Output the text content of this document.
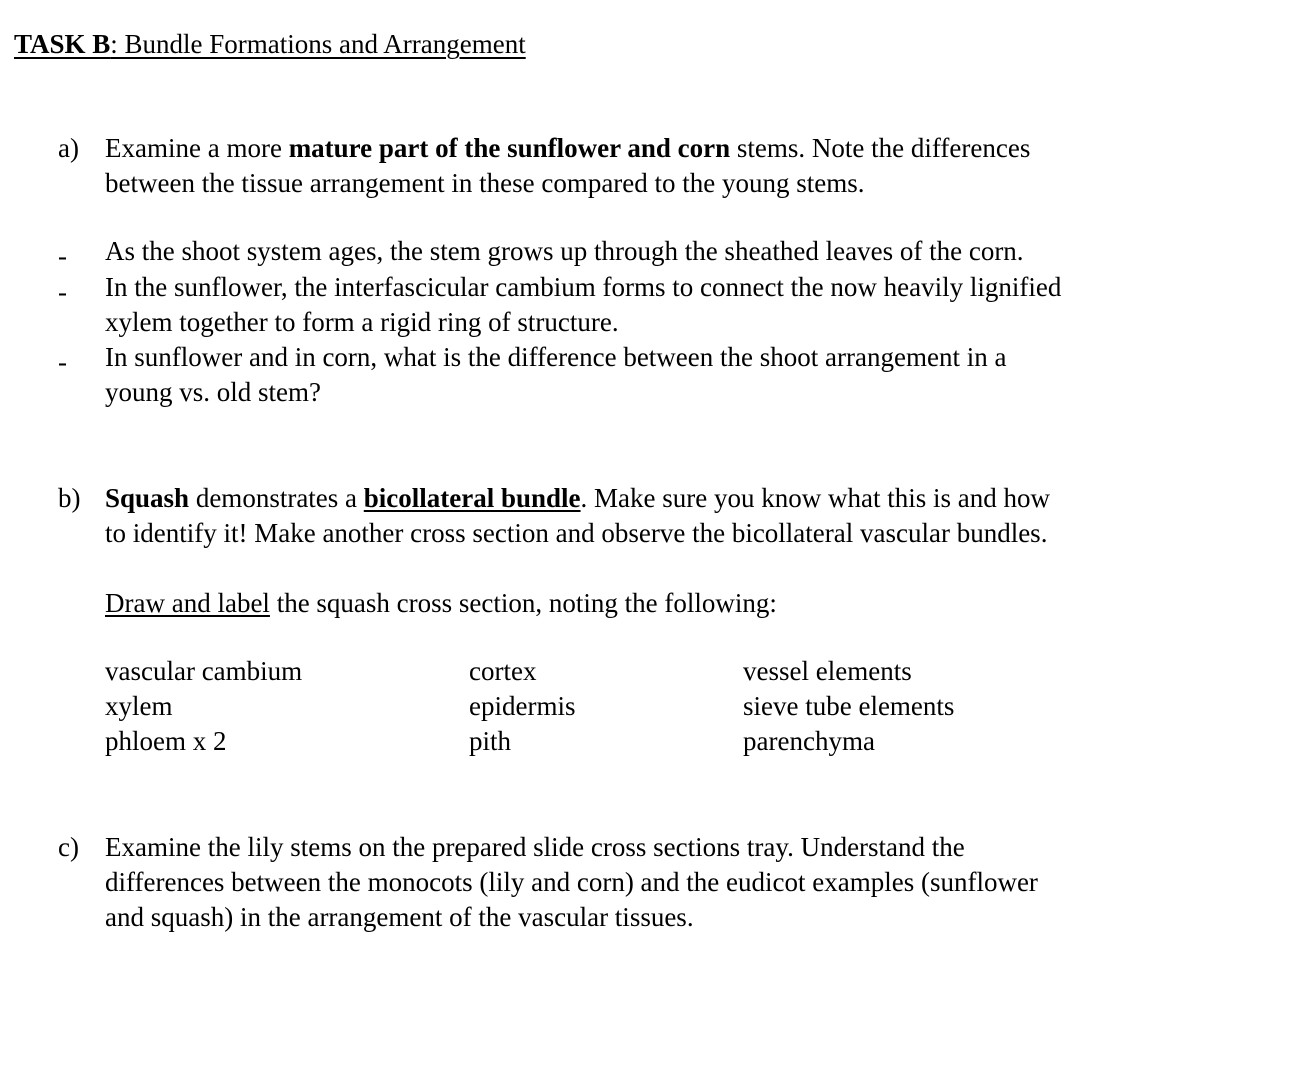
TASK B: Bundle Formations and Arrangement
a) Examine a more mature part of the sunflower and corn stems. Note the differences
between the tissue arrangement in these compared to the young stems.
- As the shoot system ages, the stem grows up through the sheathed leaves of the corn.
- In the sunflower, the interfascicular cambium forms to connect the now heavily lignified
xylem together to form a rigid ring of structure.
- In sunflower and in corn, what is the difference between the shoot arrangement in a
young vs. old stem?
b) Squash demonstrates a bicollateral bundle. Make sure you know what this is and how
to identify it! Make another cross section and observe the bicollateral vascular bundles.
Draw and label the squash cross section, noting the following:
vascular cambium
xylem
phloem x 2
cortex
epidermis
pith
vessel elements
sieve tube elements
parenchyma
c) Examine the lily stems on the prepared slide cross sections tray. Understand the
differences between the monocots (lily and corn) and the eudicot examples (sunflower
and squash) in the arrangement of the vascular tissues.
